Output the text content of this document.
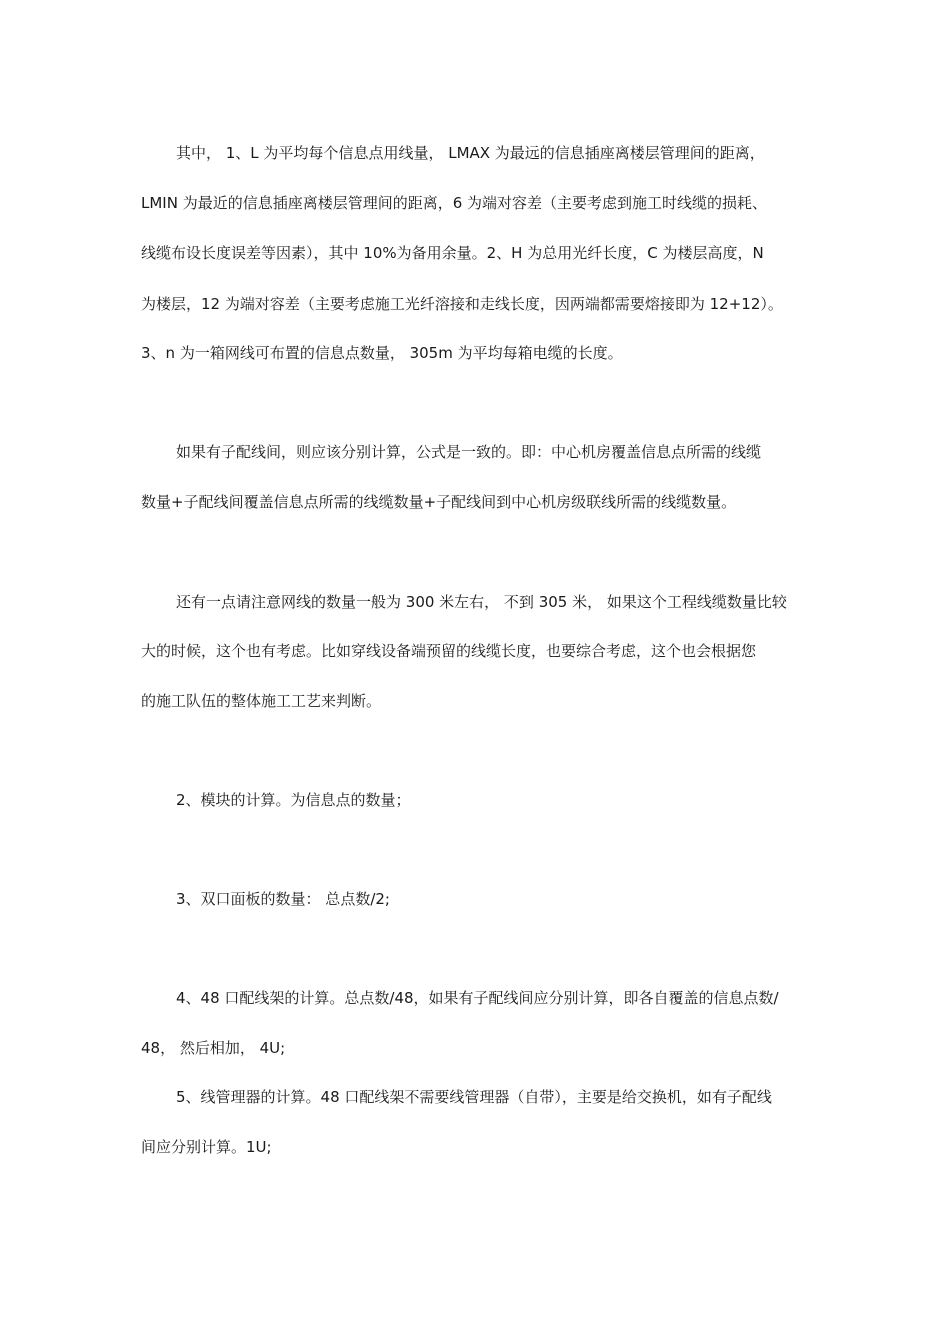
其中， 1、L 为平均每个信息点用线量， LMAX 为最远的信息插座离楼层管理间的距离，
LMIN 为最近的信息插座离楼层管理间的距离，6 为端对容差（主要考虑到施工时线缆的损耗、
线缆布设长度误差等因素），其中 10%为备用余量。2、H 为总用光纤长度，C 为楼层高度，N
为楼层，12 为端对容差（主要考虑施工光纤溶接和走线长度，因两端都需要熔接即为 12+12）。
3、n 为一箱网线可布置的信息点数量， 305m 为平均每箱电缆的长度。
如果有子配线间，则应该分别计算，公式是一致的。即：中心机房覆盖信息点所需的线缆
数量+子配线间覆盖信息点所需的线缆数量+子配线间到中心机房级联线所需的线缆数量。
还有一点请注意网线的数量一般为 300 米左右， 不到 305 米， 如果这个工程线缆数量比较
大的时候，这个也有考虑。比如穿线设备端预留的线缆长度，也要综合考虑，这个也会根据您
的施工队伍的整体施工工艺来判断。
2、模块的计算。为信息点的数量；
3、双口面板的数量： 总点数/2;
4、48 口配线架的计算。总点数/48，如果有子配线间应分别计算，即各自覆盖的信息点数/
48， 然后相加， 4U;
5、线管理器的计算。48 口配线架不需要线管理器（自带），主要是给交换机，如有子配线
间应分别计算。1U;
